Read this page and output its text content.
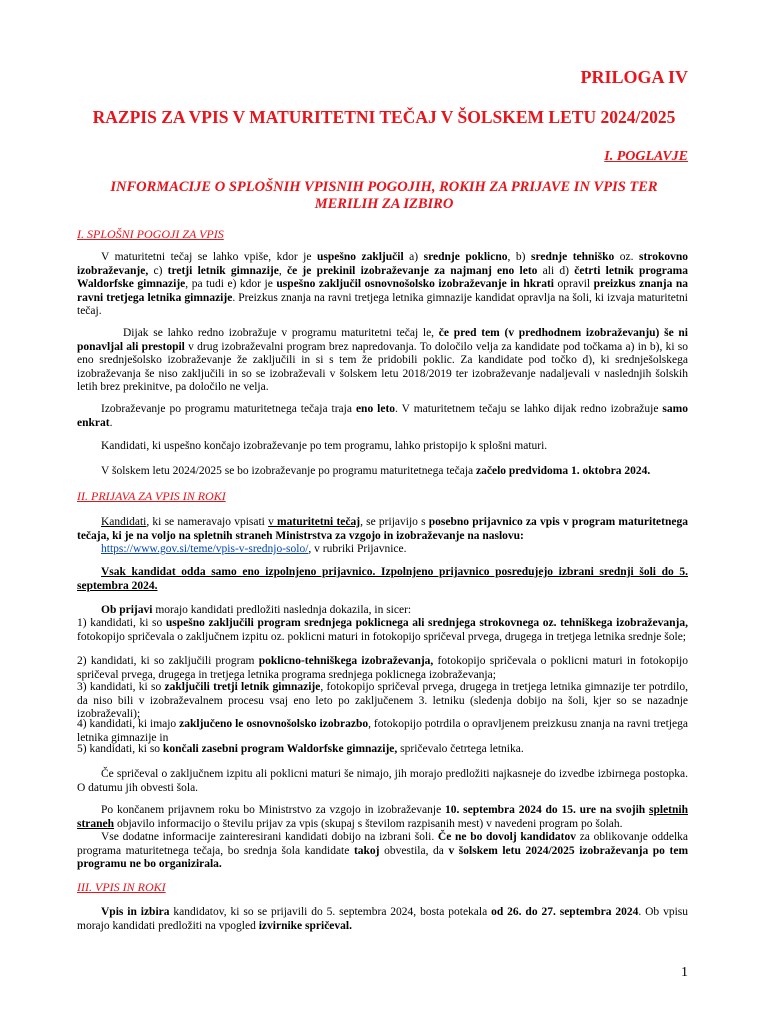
PRILOGA IV
RAZPIS ZA VPIS V MATURITETNI TEČAJ V ŠOLSKEM LETU 2024/2025
I. POGLAVJE
INFORMACIJE O SPLOŠNIH VPISNIH POGOJIH, ROKIH ZA PRIJAVE IN VPIS TER MERILIH ZA IZBIRO
I. SPLOŠNI POGOJI ZA VPIS

V maturitetni tečaj se lahko vpiše, kdor je uspešno zaključil a) srednje poklicno, b) srednje tehniško oz. strokovno izobraževanje, c) tretji letnik gimnazije, če je prekinil izobraževanje za najmanj eno leto ali d) četrti letnik programa Waldorfske gimnazije, pa tudi e) kdor je uspešno zaključil osnovnošolsko izobraževanje in hkrati opravil preizkus znanja na ravni tretjega letnika gimnazije. Preizkus znanja na ravni tretjega letnika gimnazije kandidat opravlja na šoli, ki izvaja maturitetni tečaj.

Dijak se lahko redno izobražuje v programu maturitetni tečaj le, če pred tem (v predhodnem izobraževanju) še ni ponavljal ali prestopil v drug izobraževalni program brez napredovanja. To določilo velja za kandidate pod točkama a) in b), ki so eno srednješolsko izobraževanje že zaključili in si s tem že pridobili poklic. Za kandidate pod točko d), ki srednješolskega izobraževanja še niso zaključili in so se izobraževali v šolskem letu 2018/2019 ter izobraževanje nadaljevali v naslednjih šolskih letih brez prekinitve, pa določilo ne velja.

Izobraževanje po programu maturitetnega tečaja traja eno leto. V maturitetnem tečaju se lahko dijak redno izobražuje samo enkrat.

Kandidati, ki uspešno končajo izobraževanje po tem programu, lahko pristopijo k splošni maturi.

V šolskem letu 2024/2025 se bo izobraževanje po programu maturitetnega tečaja začelo predvidoma 1. oktobra 2024.

II. PRIJAVA ZA VPIS IN ROKI

Kandidati, ki se nameravajo vpisati v maturitetni tečaj, se prijavijo s posebno prijavnico za vpis v program maturitetnega tečaja, ki je na voljo na spletnih straneh Ministrstva za vzgojo in izobraževanje na naslovu:
https://www.gov.si/teme/vpis-v-srednjo-solo/, v rubriki Prijavnice.

Vsak kandidat odda samo eno izpolnjeno prijavnico. Izpolnjeno prijavnico posredujejo izbrani srednji šoli do 5. septembra 2024.

Ob prijavi morajo kandidati predložiti naslednja dokazila, in sicer:

1) kandidati, ki so uspešno zaključili program srednjega poklicnega ali srednjega strokovnega oz. tehniškega izobraževanja, fotokopijo spričevala o zaključnem izpitu oz. poklicni maturi in fotokopijo spričeval prvega, drugega in tretjega letnika srednje šole;

2) kandidati, ki so zaključili program poklicno-tehniškega izobraževanja, fotokopijo spričevala o poklicni maturi in fotokopijo spričeval prvega, drugega in tretjega letnika programa srednjega poklicnega izobraževanja;

3) kandidati, ki so zaključili tretji letnik gimnazije, fotokopijo spričeval prvega, drugega in tretjega letnika gimnazije ter potrdilo, da niso bili v izobraževalnem procesu vsaj eno leto po zaključenem 3. letniku (sledenja dobijo na šoli, kjer so se nazadnje izobraževali);

4) kandidati, ki imajo zaključeno le osnovnošolsko izobrazbo, fotokopijo potrdila o opravljenem preizkusu znanja na ravni tretjega letnika gimnazije in

5) kandidati, ki so končali zasebni program Waldorfske gimnazije, spričevalo četrtega letnika.

Če spričeval o zaključnem izpitu ali poklicni maturi še nimajo, jih morajo predložiti najkasneje do izvedbe izbirnega postopka. O datumu jih obvesti šola.

Po končanem prijavnem roku bo Ministrstvo za vzgojo in izobraževanje 10. septembra 2024 do 15. ure na svojih spletnih straneh objavilo informacijo o številu prijav za vpis (skupaj s številom razpisanih mest) v navedeni program po šolah.

Vse dodatne informacije zainteresirani kandidati dobijo na izbrani šoli. Če ne bo dovolj kandidatov za oblikovanje oddelka programa maturitetnega tečaja, bo srednja šola kandidate takoj obvestila, da v šolskem letu 2024/2025 izobraževanja po tem programu ne bo organizirala.

III. VPIS IN ROKI

Vpis in izbira kandidatov, ki so se prijavili do 5. septembra 2024, bosta potekala od 26. do 27. septembra 2024. Ob vpisu morajo kandidati predložiti na vpogled izvirnike spričeval.

1
